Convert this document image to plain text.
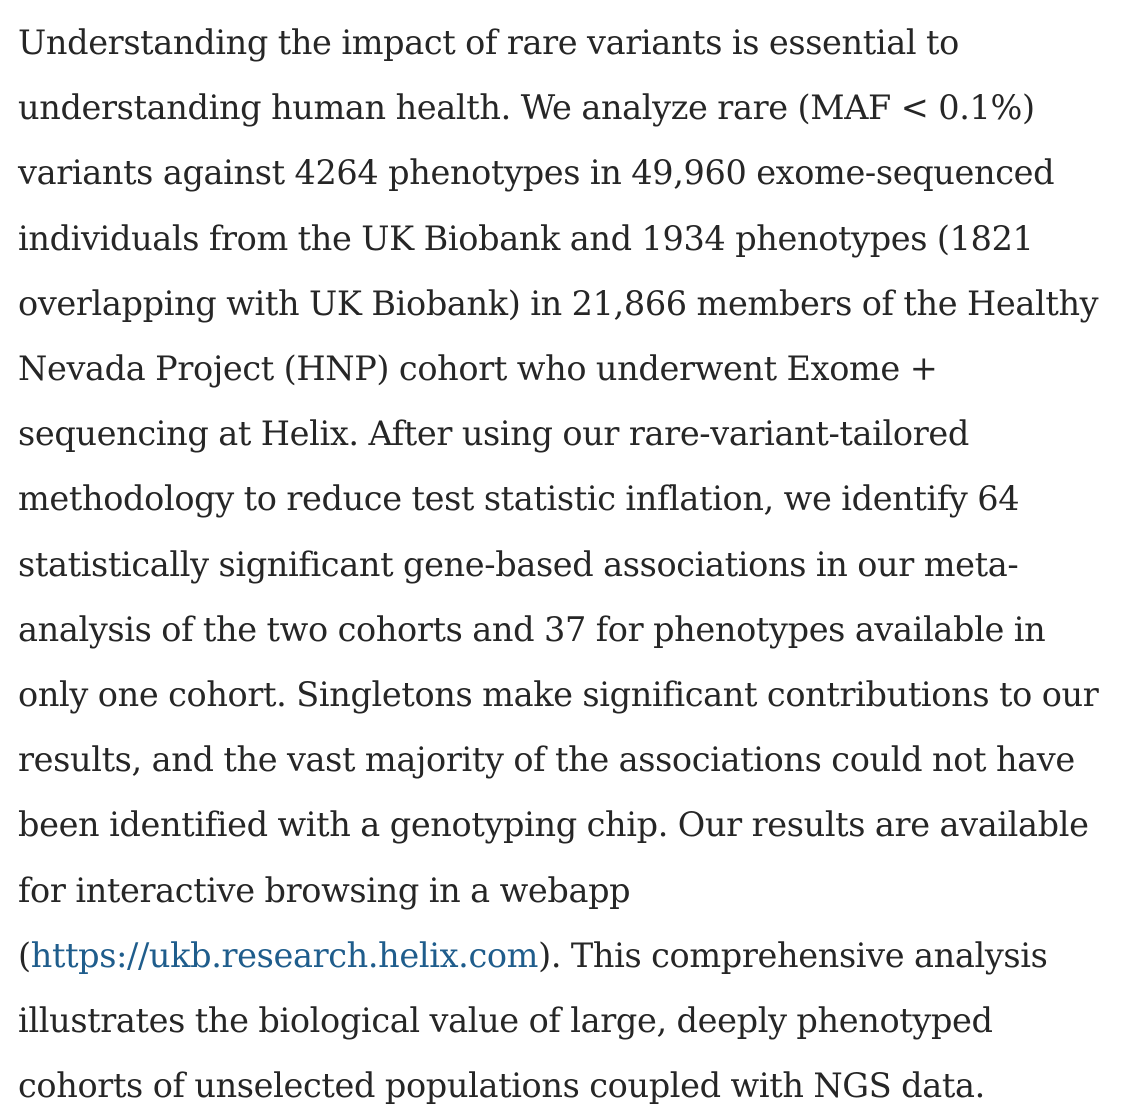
Understanding the impact of rare variants is essential to understanding human health. We analyze rare (MAF < 0.1%) variants against 4264 phenotypes in 49,960 exome-sequenced individuals from the UK Biobank and 1934 phenotypes (1821 overlapping with UK Biobank) in 21,866 members of the Healthy Nevada Project (HNP) cohort who underwent Exome + sequencing at Helix. After using our rare-variant-tailored methodology to reduce test statistic inflation, we identify 64 statistically significant gene-based associations in our meta-analysis of the two cohorts and 37 for phenotypes available in only one cohort. Singletons make significant contributions to our results, and the vast majority of the associations could not have been identified with a genotyping chip. Our results are available for interactive browsing in a webapp (https://ukb.research.helix.com). This comprehensive analysis illustrates the biological value of large, deeply phenotyped cohorts of unselected populations coupled with NGS data.
